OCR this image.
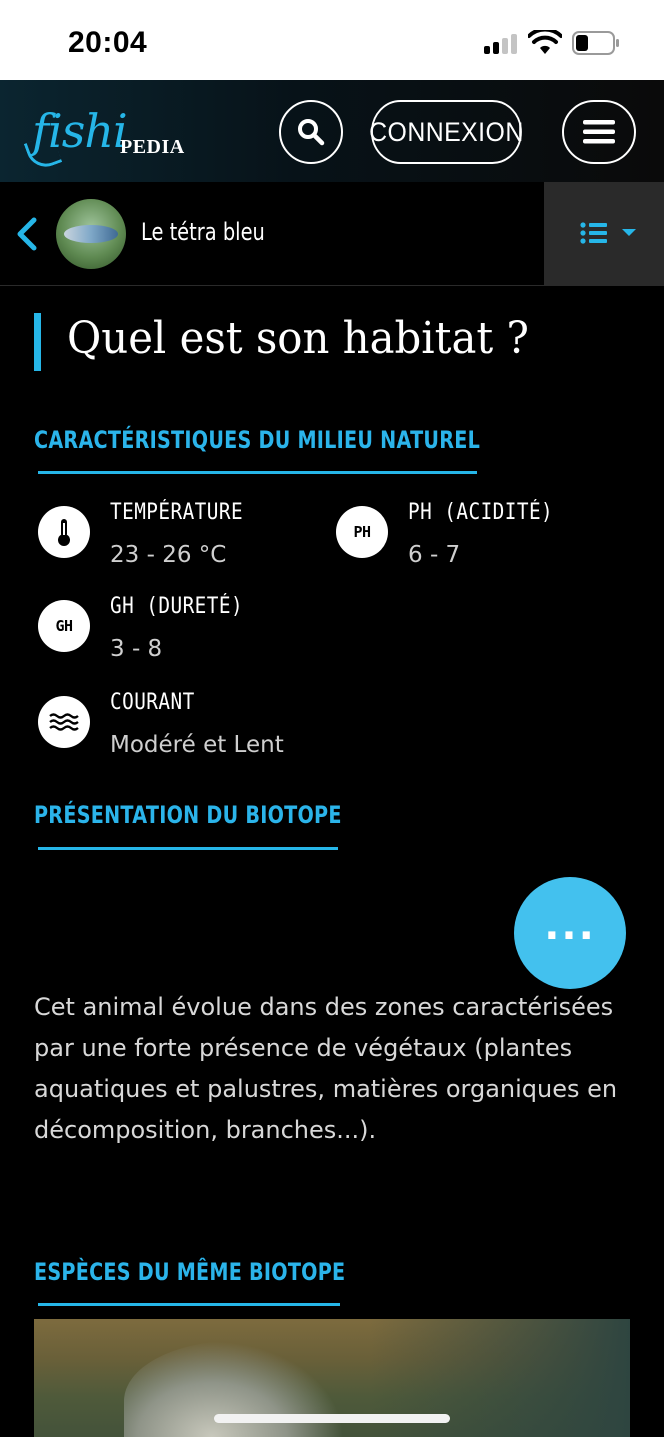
20:04
fishi
PEDIA
CONNEXION
Le tétra bleu
Quel est son habitat ?
CARACTÉRISTIQUES DU MILIEU NATUREL
TEMPÉRATURE
23 - 26 °C
PH
PH (ACIDITÉ)
6 - 7
GH
GH (DURETÉ)
3 - 8
COURANT
Modéré et Lent
PRÉSENTATION DU BIOTOPE
...

Cet animal évolue dans des zones caractérisées par une forte présence de végétaux (plantes aquatiques et palustres, matières organiques en décomposition, branches...).

ESPÈCES DU MÊME BIOTOPE
